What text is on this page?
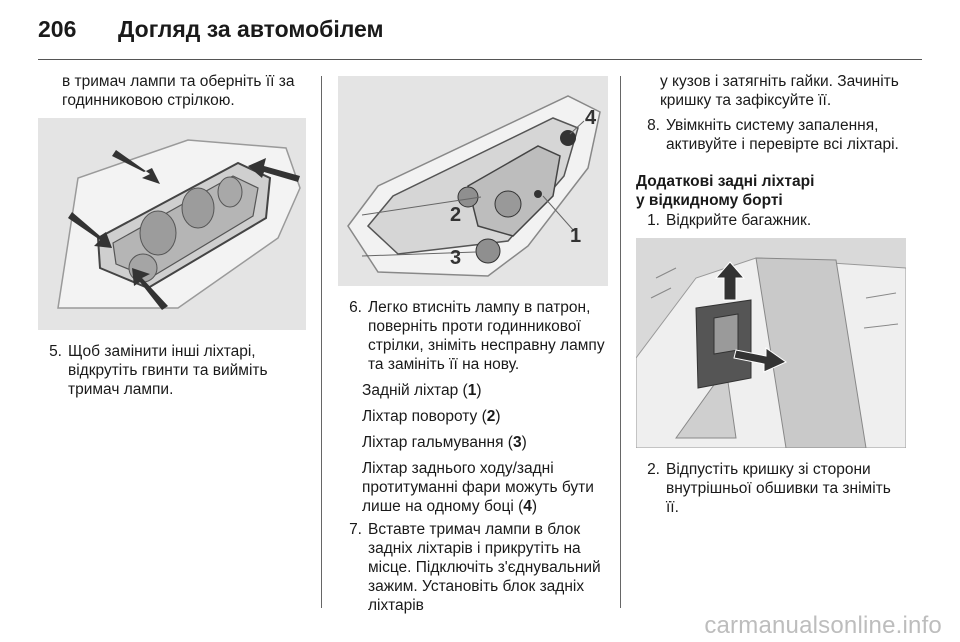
206	Догляд за автомобілем

в тримач лампи та оберніть її за годинниковою стрілкою.

5. Щоб замінити інші ліхтарі, відкрутіть гвинти та вийміть тримач лампи.
4
2
1
3
6. Легко втисніть лампу в патрон, поверніть проти годинникової стрілки, зніміть несправну лампу та замініть її на нову.

Задній ліхтар (1)

Ліхтар повороту (2)

Ліхтар гальмування (3)

Ліхтар заднього ходу/задні протитуманні фари можуть бути лише на одному боці (4)

7. Вставте тримач лампи в блок задніх ліхтарів і прикрутіть на місце. Підключіть з'єднувальний зажим. Установіть блок задніх ліхтарів

у кузов і затягніть гайки. Зачиніть кришку та зафіксуйте її.

8. Увімкніть систему запалення, активуйте і перевірте всі ліхтарі.

Додаткові задні ліхтарі у відкидному борті

1. Відкрийте багажник.
2. Відпустіть кришку зі сторони внутрішньої обшивки та зніміть її.
carmanualsonline.info
